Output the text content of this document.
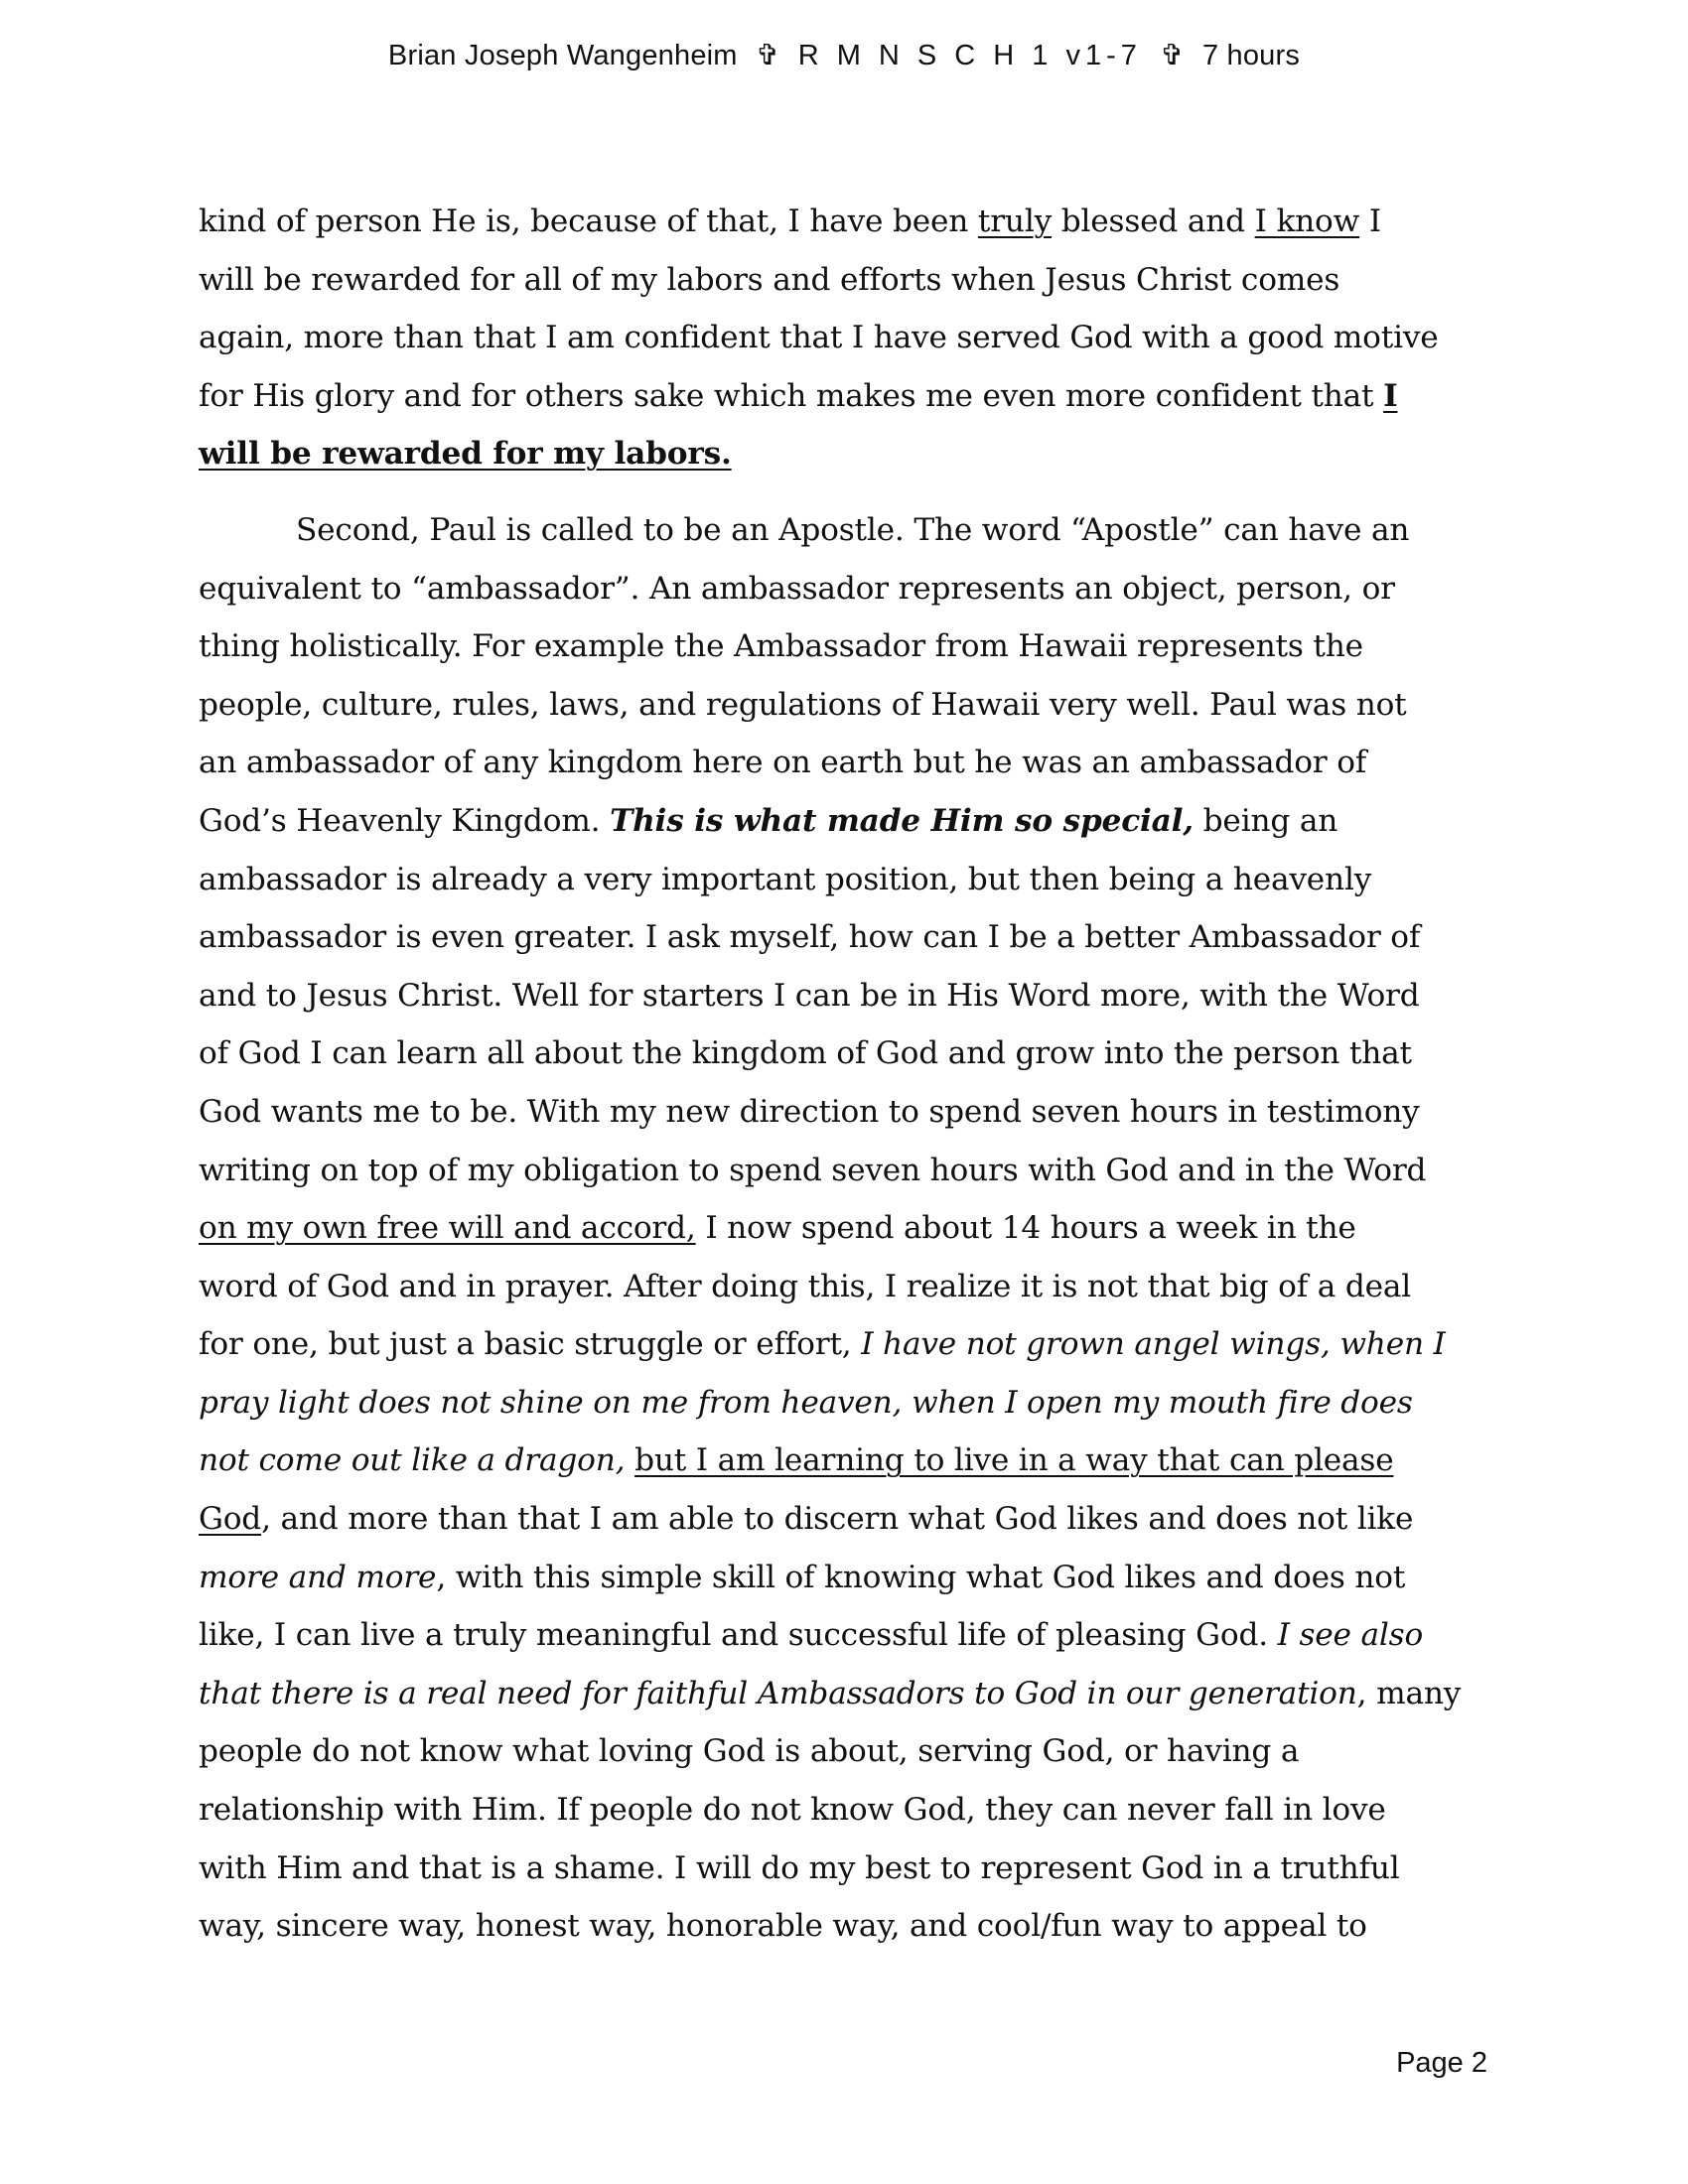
Brian Joseph Wangenheim ✞ R M N S C H 1 v1-7 ✞ 7 hours

kind of person He is, because of that, I have been truly blessed and I know I
will be rewarded for all of my labors and efforts when Jesus Christ comes
again, more than that I am confident that I have served God with a good motive
for His glory and for others sake which makes me even more confident that I
will be rewarded for my labors.

Second, Paul is called to be an Apostle. The word “Apostle” can have an
equivalent to “ambassador”. An ambassador represents an object, person, or
thing holistically. For example the Ambassador from Hawaii represents the
people, culture, rules, laws, and regulations of Hawaii very well. Paul was not
an ambassador of any kingdom here on earth but he was an ambassador of
God’s Heavenly Kingdom. This is what made Him so special, being an
ambassador is already a very important position, but then being a heavenly
ambassador is even greater. I ask myself, how can I be a better Ambassador of
and to Jesus Christ. Well for starters I can be in His Word more, with the Word
of God I can learn all about the kingdom of God and grow into the person that
God wants me to be. With my new direction to spend seven hours in testimony
writing on top of my obligation to spend seven hours with God and in the Word
on my own free will and accord, I now spend about 14 hours a week in the
word of God and in prayer. After doing this, I realize it is not that big of a deal
for one, but just a basic struggle or effort, I have not grown angel wings, when I
pray light does not shine on me from heaven, when I open my mouth fire does
not come out like a dragon, but I am learning to live in a way that can please
God, and more than that I am able to discern what God likes and does not like
more and more, with this simple skill of knowing what God likes and does not
like, I can live a truly meaningful and successful life of pleasing God. I see also
that there is a real need for faithful Ambassadors to God in our generation, many
people do not know what loving God is about, serving God, or having a
relationship with Him. If people do not know God, they can never fall in love
with Him and that is a shame. I will do my best to represent God in a truthful
way, sincere way, honest way, honorable way, and cool/fun way to appeal to

Page 2
